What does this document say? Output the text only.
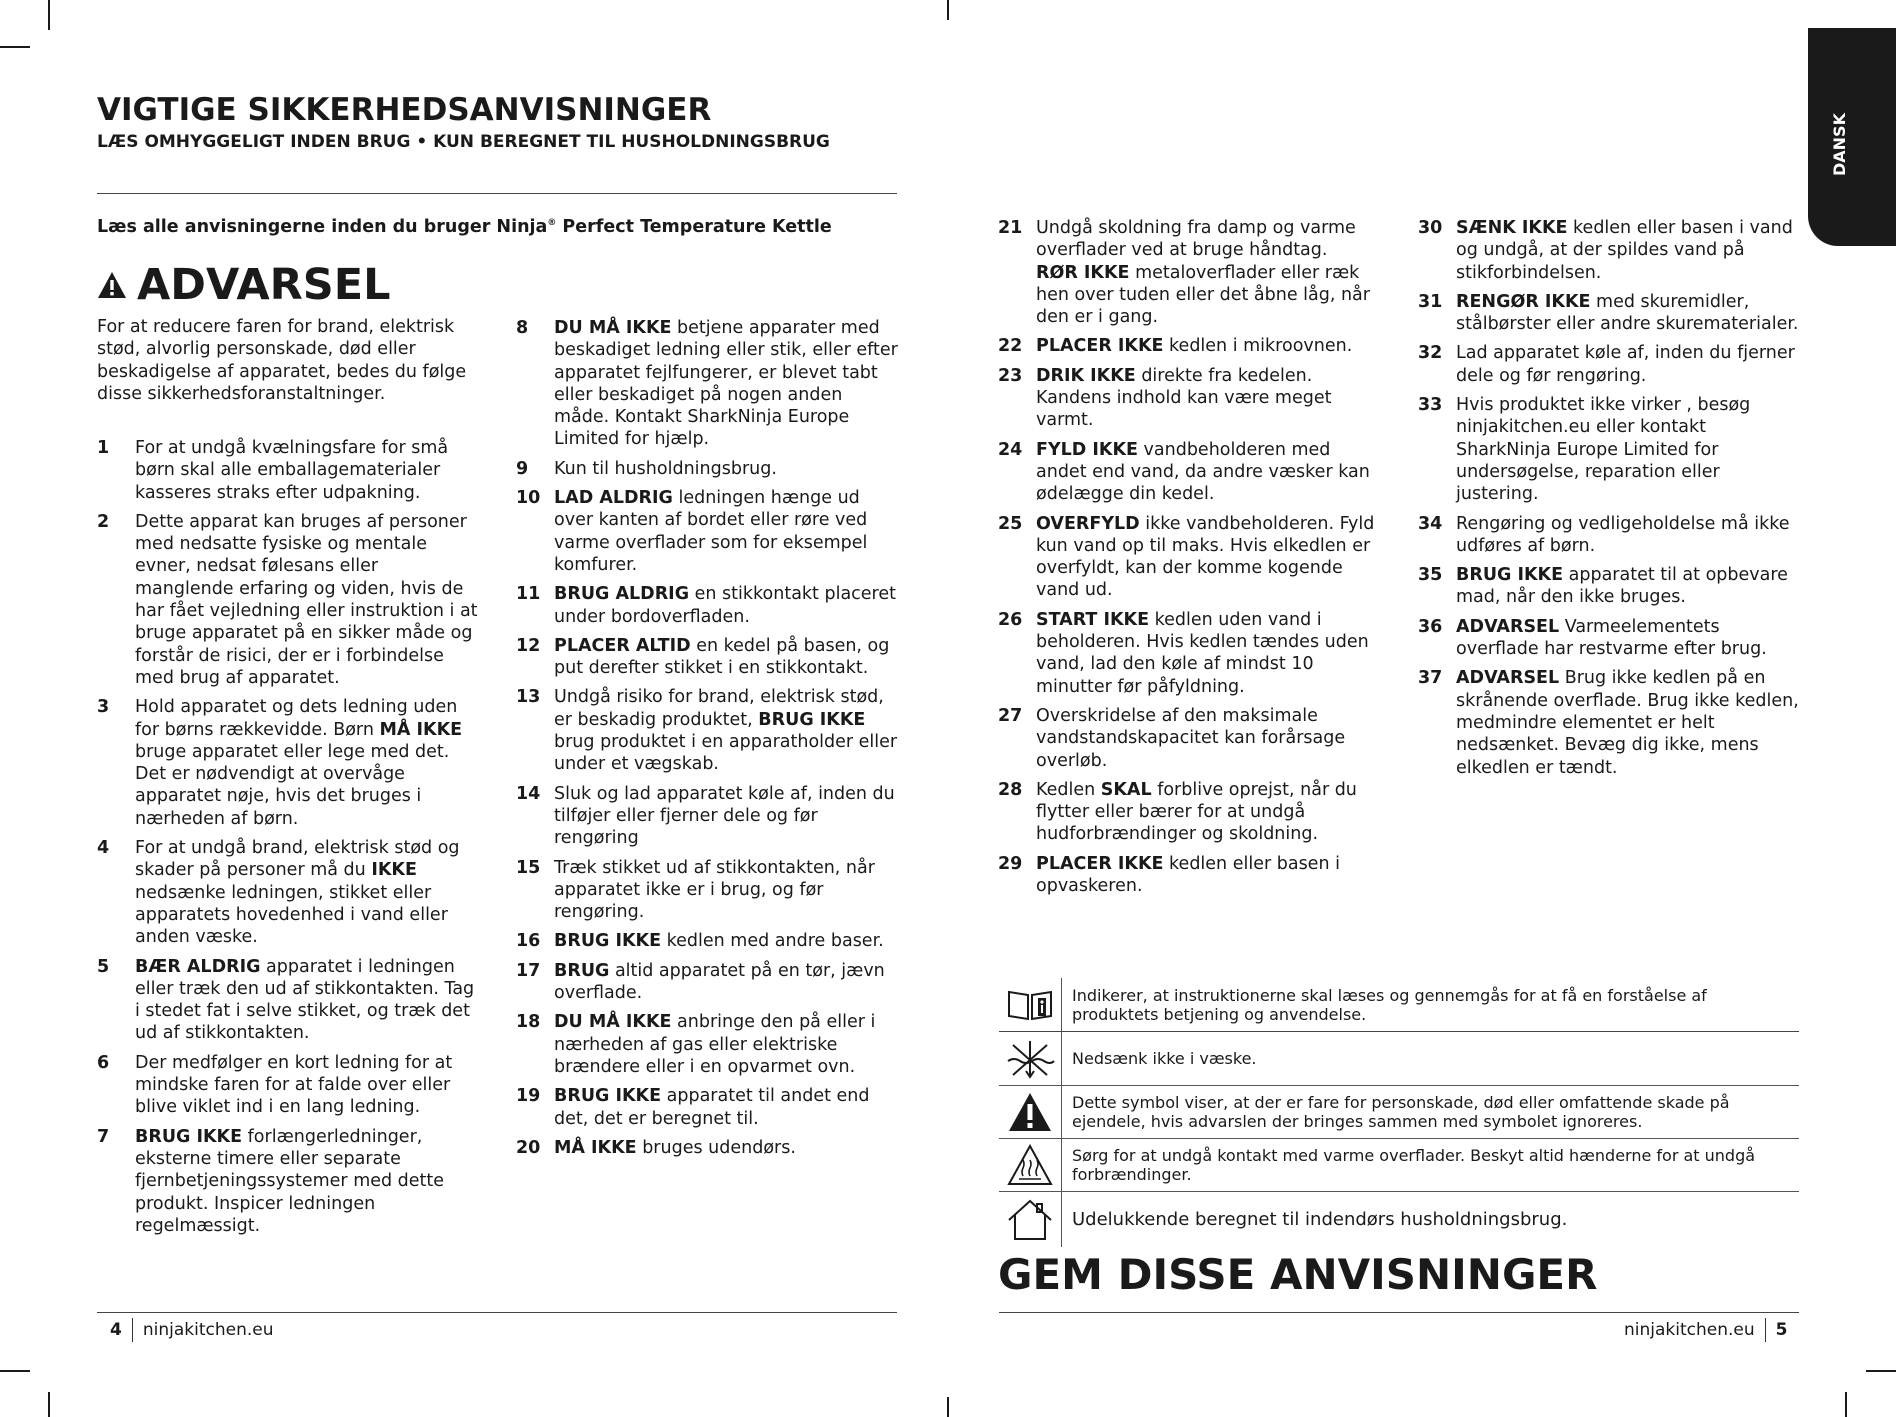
DANSK
VIGTIGE SIKKERHEDSANVISNINGER
LÆS OMHYGGELIGT INDEN BRUG • KUN BEREGNET TIL HUSHOLDNINGSBRUG
Læs alle anvisningerne inden du bruger Ninja® Perfect Temperature Kettle
ADVARSEL
For at reducere faren for brand, elektrisk stød, alvorlig personskade, død eller beskadigelse af apparatet, bedes du følge disse sikkerhedsforanstaltninger.
1	For at undgå kvælningsfare for små børn skal alle emballagematerialer kasseres straks efter udpakning.
2	Dette apparat kan bruges af personer med nedsatte fysiske og mentale evner, nedsat følesans eller manglende erfaring og viden, hvis de har fået vejledning eller instruktion i at bruge apparatet på en sikker måde og forstår de risici, der er i forbindelse med brug af apparatet.
3	Hold apparatet og dets ledning uden for børns rækkevidde. Børn MÅ IKKE bruge apparatet eller lege med det. Det er nødvendigt at overvåge apparatet nøje, hvis det bruges i nærheden af børn.
4	For at undgå brand, elektrisk stød og skader på personer må du IKKE nedsænke ledningen, stikket eller apparatets hovedenhed i vand eller anden væske.
5	BÆR ALDRIG apparatet i ledningen eller træk den ud af stikkontakten. Tag i stedet fat i selve stikket, og træk det ud af stikkontakten.
6	Der medfølger en kort ledning for at mindske faren for at falde over eller blive viklet ind i en lang ledning.
7	BRUG IKKE forlængerledninger, eksterne timere eller separate fjernbetjeningssystemer med dette produkt. Inspicer ledningen regelmæssigt.
8	DU MÅ IKKE betjene apparater med beskadiget ledning eller stik, eller efter apparatet fejlfungerer, er blevet tabt eller beskadiget på nogen anden måde. Kontakt SharkNinja Europe Limited for hjælp.
9	Kun til husholdningsbrug.
10 LAD ALDRIG ledningen hænge ud over kanten af bordet eller røre ved varme overflader som for eksempel komfurer.
11 BRUG ALDRIG en stikkontakt placeret under bordoverfladen.
12 PLACER ALTID en kedel på basen, og put derefter stikket i en stikkontakt.
13 Undgå risiko for brand, elektrisk stød, er beskadig produktet, BRUG IKKE brug produktet i en apparatholder eller under et vægskab.
14 Sluk og lad apparatet køle af, inden du tilføjer eller fjerner dele og før rengøring
15 Træk stikket ud af stikkontakten, når apparatet ikke er i brug, og før rengøring.
16 BRUG IKKE kedlen med andre baser.
17 BRUG altid apparatet på en tør, jævn overflade.
18 DU MÅ IKKE anbringe den på eller i nærheden af gas eller elektriske brændere eller i en opvarmet ovn.
19 BRUG IKKE apparatet til andet end det, det er beregnet til.
20 MÅ IKKE bruges udendørs.
21 Undgå skoldning fra damp og varme overflader ved at bruge håndtag.
RØR IKKE metaloverflader eller ræk hen over tuden eller det åbne låg, når den er i gang.
22 PLACER IKKE kedlen i mikroovnen.
23 DRIK IKKE direkte fra kedelen. Kandens indhold kan være meget varmt.
24 FYLD IKKE vandbeholderen med andet end vand, da andre væsker kan ødelægge din kedel.
25 OVERFYLD ikke vandbeholderen. Fyld kun vand op til maks. Hvis elkedlen er overfyldt, kan der komme kogende vand ud.
26 START IKKE kedlen uden vand i beholderen. Hvis kedlen tændes uden vand, lad den køle af mindst 10 minutter før påfyldning.
27 Overskridelse af den maksimale vandstandskapacitet kan forårsage overløb.
28 Kedlen SKAL forblive oprejst, når du flytter eller bærer for at undgå hudforbrændinger og skoldning.
29 PLACER IKKE kedlen eller basen i opvaskeren.
30 SÆNK IKKE kedlen eller basen i vand og undgå, at der spildes vand på stikforbindelsen.
31 RENGØR IKKE med skuremidler, stålbørster eller andre skurematerialer.
32 Lad apparatet køle af, inden du fjerner dele og før rengøring.
33 Hvis produktet ikke virker , besøg ninjakitchen.eu eller kontakt SharkNinja Europe Limited for undersøgelse, reparation eller justering.
34 Rengøring og vedligeholdelse må ikke udføres af børn.
35 BRUG IKKE apparatet til at opbevare mad, når den ikke bruges.
36 ADVARSEL Varmeelementets overflade har restvarme efter brug.
37 ADVARSEL Brug ikke kedlen på en skrånende overflade. Brug ikke kedlen, medmindre elementet er helt nedsænket. Bevæg dig ikke, mens elkedlen er tændt.
Indikerer, at instruktionerne skal læses og gennemgås for at få en forståelse af produktets betjening og anvendelse.
Nedsænk ikke i væske.
Dette symbol viser, at der er fare for personskade, død eller omfattende skade på ejendele, hvis advarslen der bringes sammen med symbolet ignoreres.
Sørg for at undgå kontakt med varme overflader. Beskyt altid hænderne for at undgå forbrændinger.
Udelukkende beregnet til indendørs husholdningsbrug.
GEM DISSE ANVISNINGER
4 ninjakitchen.eu	ninjakitchen.eu 5
